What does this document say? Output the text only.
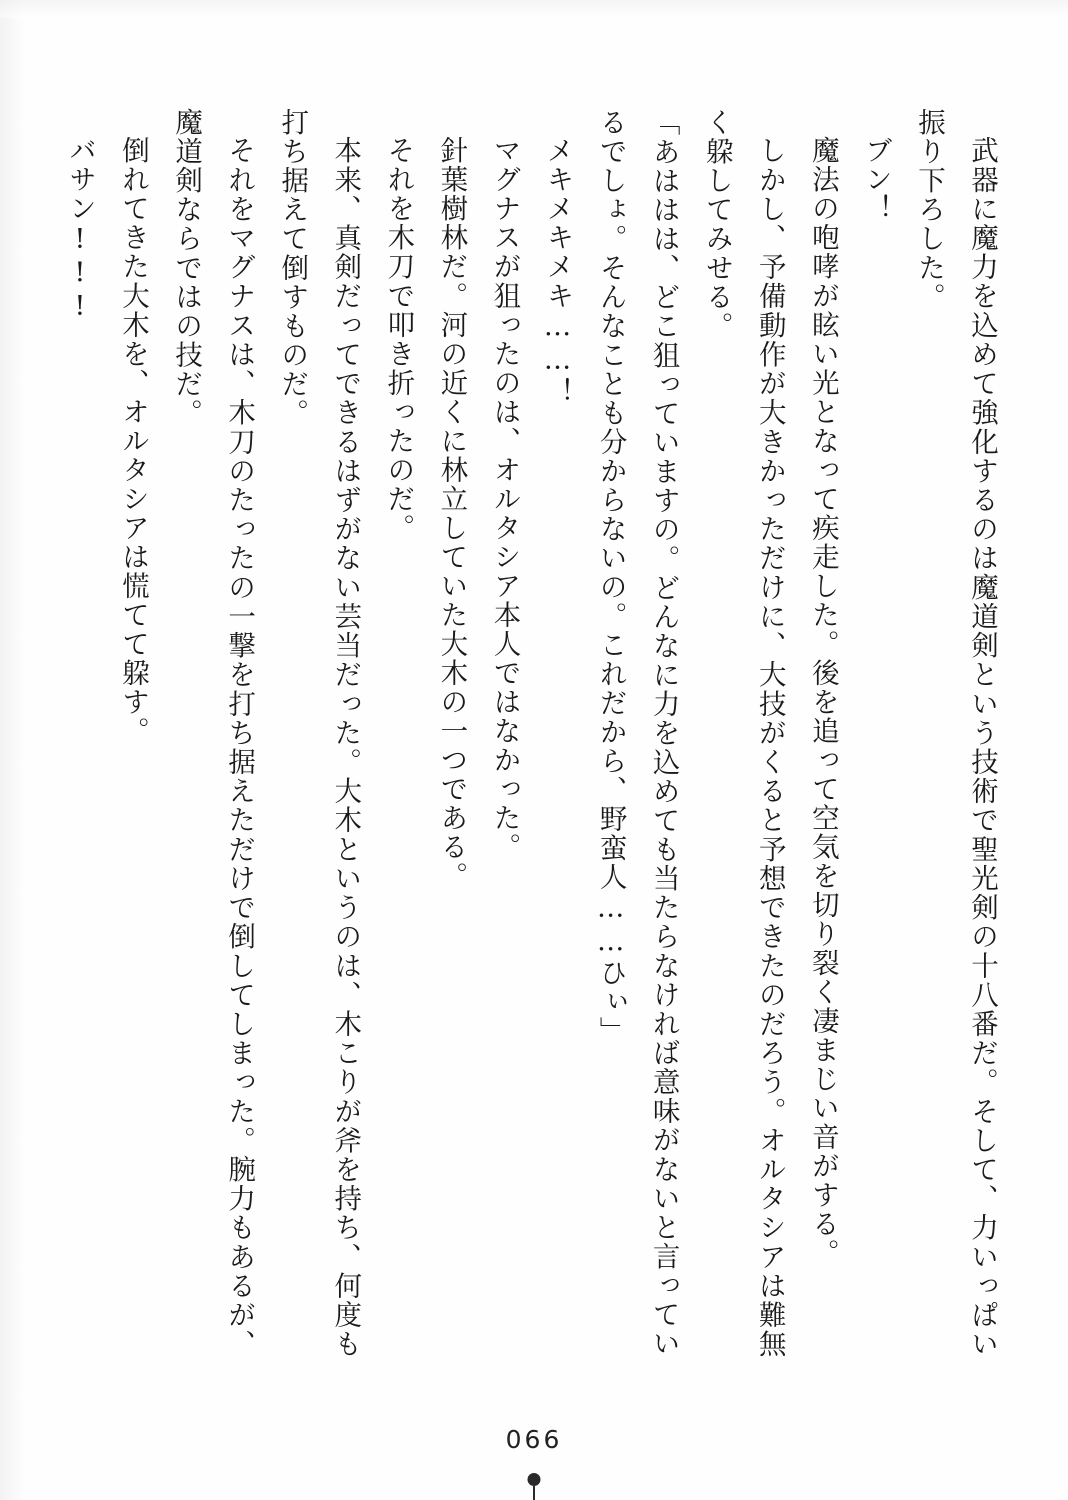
武器に魔力を込めて強化するのは魔道剣という技術で聖光剣の十八番だ。そして、力いっぱい振り下ろした。

ブン！

魔法の咆哮が眩い光となって疾走した。後を追って空気を切り裂く凄まじい音がする。

しかし、予備動作が大きかっただけに、大技がくると予想できたのだろう。オルタシアは難無く躱してみせる。

「あははは、どこ狙っていますの。どんなに力を込めても当たらなければ意味がないと言っているでしょ。そんなことも分からないの。これだから、野蛮人……ひぃ」

メキメキメキ……！

マグナスが狙ったのは、オルタシア本人ではなかった。

針葉樹林だ。河の近くに林立していた大木の一つである。

それを木刀で叩き折ったのだ。

本来、真剣だってできるはずがない芸当だった。大木というのは、木こりが斧を持ち、何度も打ち据えて倒すものだ。

それをマグナスは、木刀のたったの一撃を打ち据えただけで倒してしまった。腕力もあるが、魔道剣ならではの技だ。

倒れてきた大木を、オルタシアは慌てて躱す。

バサン!!!

066
